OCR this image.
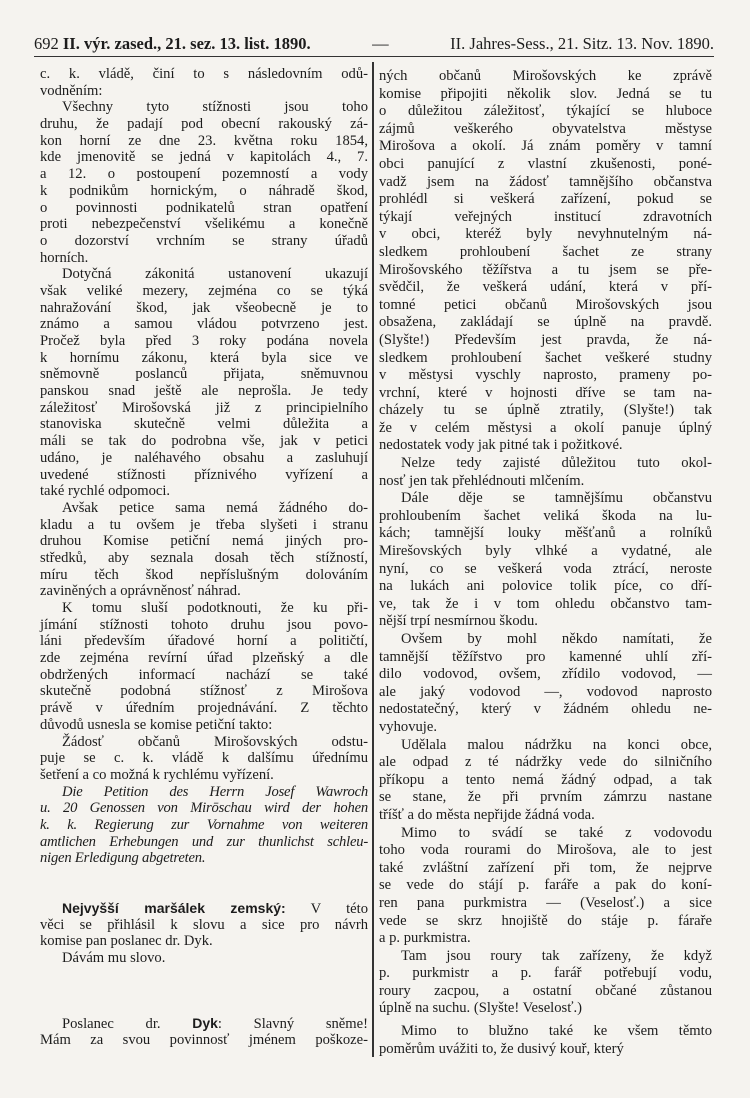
692 II. výr. zased., 21. sez. 13. list. 1890.	—	II. Jahres-Sess., 21. Sitz. 13. Nov. 1890.
c. k. vládě, činí to s následovním odů-
vodněním:
Všechny tyto stížnosti jsou toho
druhu, že padají pod obecní rakouský zá-
kon horní ze dne 23. května roku 1854,
kde jmenovitě se jedná v kapitolách 4., 7.
a 12. o postoupení pozemností a vody
k podnikům hornickým, o náhradě škod,
o povinnosti podnikatelů stran opatření
proti nebezpečenství všelikému a konečně
o dozorství vrchním se strany úřadů
horních.
Dotyčná zákonitá ustanovení ukazují
však veliké mezery, zejména co se týká
nahražování škod, jak všeobecně je to
známo a samou vládou potvrzeno jest.
Pročež byla před 3 roky podána novela
k hornímu zákonu, která byla sice ve
sněmovně poslanců přijata, sněmuvnou
panskou snad ještě ale neprošla. Je tedy
záležitosť Mirošovská již z principielního
stanoviska skutečně velmi důležita a
máli se tak do podrobna vše, jak v petici
udáno, je naléhavého obsahu a zasluhují
uvedené stížnosti příznivého vyřízení a
také rychlé odpomoci.
Avšak petice sama nemá žádného do-
kladu a tu ovšem je třeba slyšeti i stranu
druhou Komise petiční nemá jiných pro-
středků, aby seznala dosah těch stížností,
míru těch škod nepříslušným dolováním
zaviněných a oprávněnosť náhrad.
K tomu sluší podotknouti, že ku při-
jímání stížnosti tohoto druhu jsou povo-
láni především úřadové horní a političtí,
zde zejména revírní úřad plzeňský a dle
obdržených informací nachází se také
skutečně podobná stížnosť z Mirošova
právě v úředním projednávání. Z těchto
důvodů usnesla se komise petiční takto:
Žádosť občanů Mirošovských odstu-
puje se c. k. vládě k dalšímu úřednímu
šetření a co možná k rychlému vyřízení.
Die Petition des Herrn Josef Wawroch
u. 20 Genossen von Mirōschau wird der hohen
k. k. Regierung zur Vornahme von weiteren
amtlichen Erhebungen und zur thunlichst schleu-
nigen Erledigung abgetreten.
Nejvyšší maršálek zemský: V této
věci se přihlásil k slovu a sice pro návrh
komise pan poslanec dr. Dyk.
Dávám mu slovo.
Poslanec dr. Dyk: Slavný sněme!
Mám za svou povinnosť jménem poškoze-
ných občanů Mirošovských ke zprávě
komise připojiti několik slov. Jedná se tu
o důležitou záležitosť, týkající se hluboce
zájmů veškerého obyvatelstva městyse
Mirošova a okolí. Já znám poměry v tamní
obci panující z vlastní zkušenosti, poné-
vadž jsem na žádosť tamnějšího občanstva
prohlédl si veškerá zařízení, pokud se
týkají veřejných institucí zdravotních
v obci, kteréž byly nevyhnutelným ná-
sledkem prohloubení šachet ze strany
Mirošovského těžířstva a tu jsem se pře-
svědčil, že veškerá udání, která v pří-
tomné petici občanů Mirošovských jsou
obsažena, zakládají se úplně na pravdě.
(Slyšte!) Především jest pravda, že ná-
sledkem prohloubení šachet veškeré studny
v městysi vyschly naprosto, prameny po-
vrchní, které v hojnosti dříve se tam na-
cházely tu se úplně ztratily, (Slyšte!) tak
že v celém městysi a okolí panuje úplný
nedostatek vody jak pitné tak i požitkové.
Nelze tedy zajisté důležitou tuto okol-
nosť jen tak přehlédnouti mlčením.
Dále děje se tamnějšímu občanstvu
prohloubením šachet veliká škoda na lu-
kách; tamnější louky měšťanů a rolníků
Mirešovských byly vlhké a vydatné, ale
nyní, co se veškerá voda ztrácí, neroste
na lukách ani polovice tolik píce, co dří-
ve, tak že i v tom ohledu občanstvo tam-
nější trpí nesmírnou škodu.
Ovšem by mohl někdo namítati, že
tamnější těžířstvo pro kamenné uhlí zří-
dilo vodovod, ovšem, zřídilo vodovod, —
ale jaký vodovod —, vodovod naprosto
nedostatečný, který v žádném ohledu ne-
vyhovuje.
Udělala malou nádržku na konci obce,
ale odpad z té nádržky vede do silničního
příkopu a tento nemá žádný odpad, a tak
se stane, že při prvním zámrzu nastane
tříšť a do města nepřijde žádná voda.
Mimo to svádí se také z vodovodu
toho voda rourami do Mirošova, ale to jest
také zvláštní zařízení při tom, že nejprve
se vede do stájí p. faráře a pak do koní-
ren pana purkmistra — (Veselosť.) a sice
vede se skrz hnojiště do stáje p. fáraře
a p. purkmistra.
Tam jsou roury tak zařízeny, že když
p. purkmistr a p. farář potřebují vodu,
roury zacpou, a ostatní občané zůstanou
úplně na suchu. (Slyšte! Veselosť.)
Mimo to blužno také ke všem těmto
poměrům uvážiti to, že dusivý kouř, který
